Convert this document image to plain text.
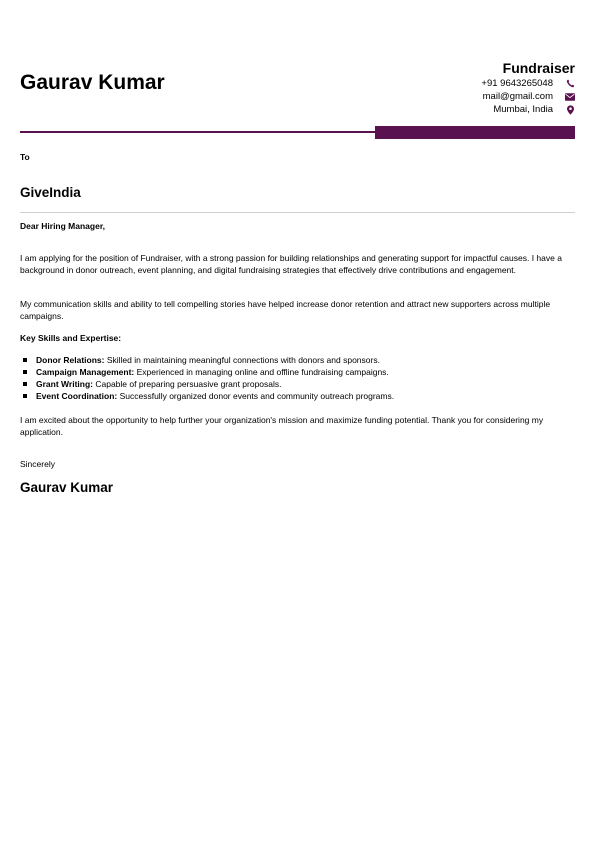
Gaurav Kumar
Fundraiser
+91 9643265048
mail@gmail.com
Mumbai, India
To
GiveIndia
Dear Hiring Manager,
I am applying for the position of Fundraiser, with a strong passion for building relationships and generating support for impactful causes. I have a background in donor outreach, event planning, and digital fundraising strategies that effectively drive contributions and engagement.
My communication skills and ability to tell compelling stories have helped increase donor retention and attract new supporters across multiple campaigns.
Key Skills and Expertise:
Donor Relations: Skilled in maintaining meaningful connections with donors and sponsors.
Campaign Management: Experienced in managing online and offline fundraising campaigns.
Grant Writing: Capable of preparing persuasive grant proposals.
Event Coordination: Successfully organized donor events and community outreach programs.
I am excited about the opportunity to help further your organization's mission and maximize funding potential. Thank you for considering my application.
Sincerely
Gaurav Kumar
